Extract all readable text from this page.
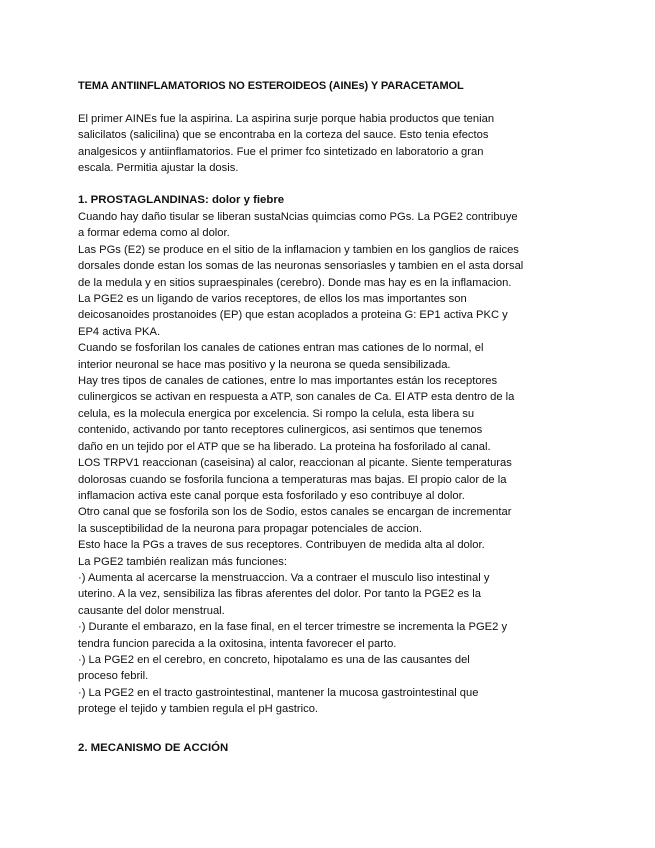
TEMA ANTIINFLAMATORIOS NO ESTEROIDEOS (AINEs) Y PARACETAMOL

El primer AINEs fue la aspirina. La aspirina surje porque habia productos que tenian
salicilatos (salicilina) que se encontraba en la corteza del sauce. Esto tenia efectos
analgesicos y antiinflamatorios. Fue el primer fco sintetizado en laboratorio a gran
escala. Permitia ajustar la dosis.

1. PROSTAGLANDINAS: dolor y fiebre

Cuando hay daño tisular se liberan sustaNcias quimcias como PGs. La PGE2 contribuye
a formar edema como al dolor.
Las PGs (E2) se produce en el sitio de la inflamacion y tambien en los ganglios de raices
dorsales donde estan los somas de las neuronas sensoriasles y tambien en el asta dorsal
de la medula y en sitios supraespinales (cerebro). Donde mas hay es en la inflamacion.
La PGE2 es un ligando de varios receptores, de ellos los mas importantes son
deicosanoides prostanoides (EP) que estan acoplados a proteina G: EP1 activa PKC y
EP4 activa PKA.
Cuando se fosforilan los canales de cationes entran mas cationes de lo normal, el
interior neuronal se hace mas positivo y la neurona se queda sensibilizada.
Hay tres tipos de canales de cationes, entre lo mas importantes están los receptores
culinergicos se activan en respuesta a ATP, son canales de Ca. El ATP esta dentro de la
celula, es la molecula energica por excelencia. Si rompo la celula, esta libera su
contenido, activando por tanto receptores culinergicos, asi sentimos que tenemos
daño en un tejido por el ATP que se ha liberado. La proteina ha fosforilado al canal.
LOS TRPV1 reaccionan (caseisina) al calor, reaccionan al picante. Siente temperaturas
dolorosas cuando se fosforila funciona a temperaturas mas bajas. El propio calor de la
inflamacion activa este canal porque esta fosforilado y eso contribuye al dolor.
Otro canal que se fosforila son los de Sodio, estos canales se encargan de incrementar
la susceptibilidad de la neurona para propagar potenciales de accion.
Esto hace la PGs a traves de sus receptores. Contribuyen de medida alta al dolor.
La PGE2 también realizan más funciones:
·) Aumenta al acercarse la menstruaccion. Va a contraer el musculo liso intestinal y
uterino. A la vez, sensibiliza las fibras aferentes del dolor. Por tanto la PGE2 es la
causante del dolor menstrual.
·) Durante el embarazo, en la fase final, en el tercer trimestre se incrementa la PGE2 y
tendra funcion parecida a la oxitosina, intenta favorecer el parto.
·) La PGE2 en el cerebro, en concreto, hipotalamo es una de las causantes del
proceso febril.
·) La PGE2 en el tracto gastrointestinal, mantener la mucosa gastrointestinal que
protege el tejido y tambien regula el pH gastrico.

2. MECANISMO DE ACCIÓN
